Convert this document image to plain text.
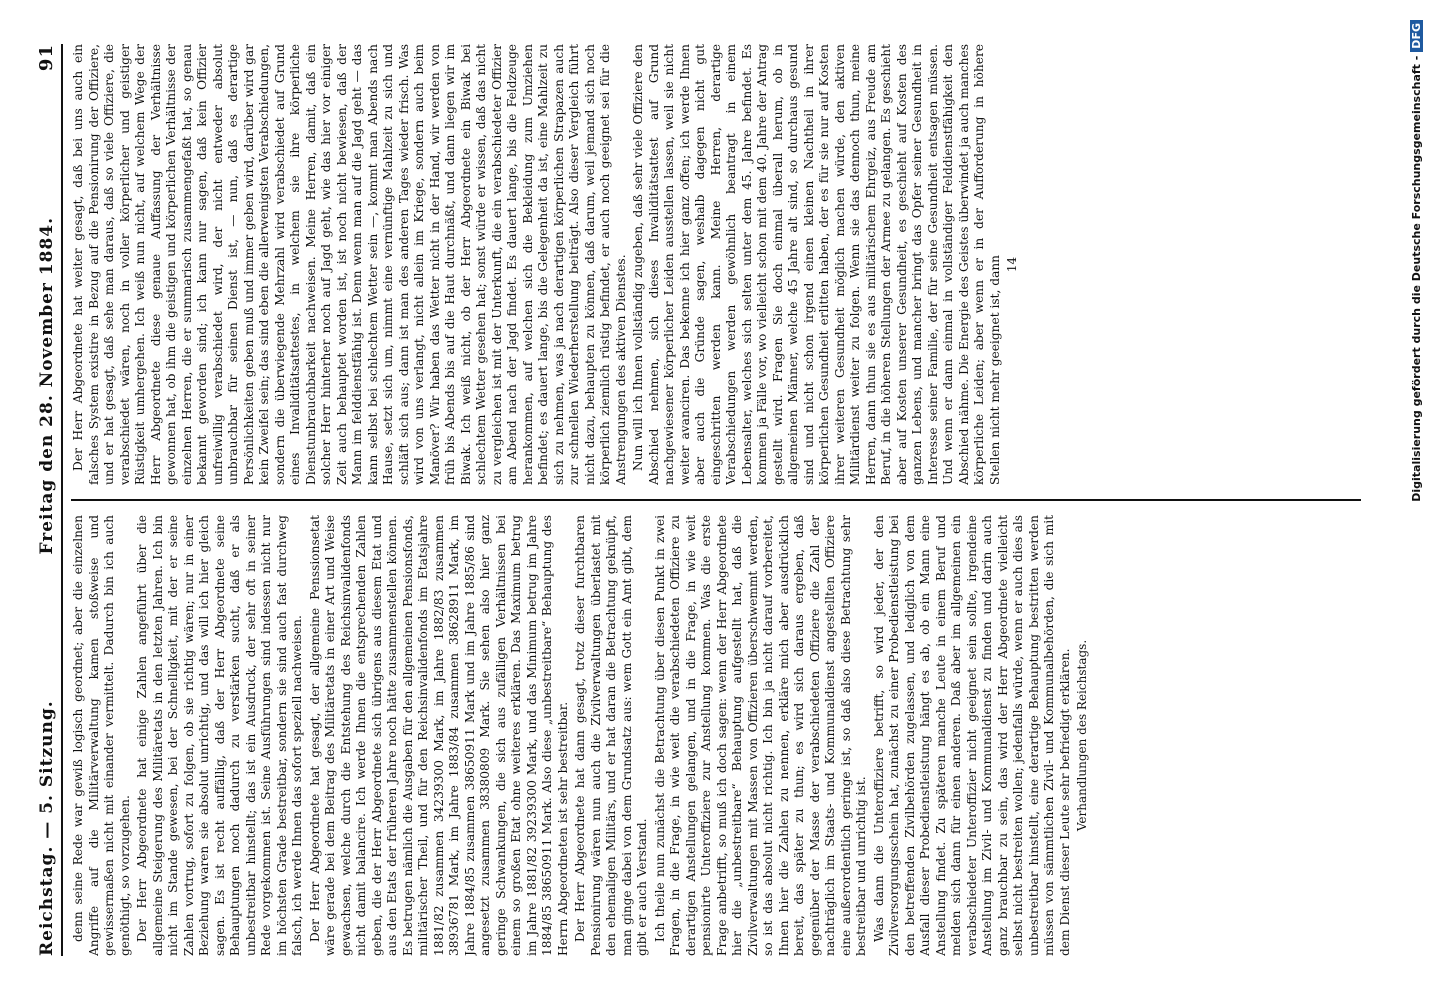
Reichstag. — 5. Sitzung.
Freitag den 28. November 1884.
91

denn seine Rede war gewiß logisch geordnet; aber die einzelnen Angriffe auf die Militärverwaltung kamen stoßweise und gewissermaßen nicht mit einander vermittelt. Dadurch bin ich auch genöthigt, so vorzugehen. Der Herr Abgeordnete hat einige Zahlen angeführt über die allgemeine Steigerung des Militäretats in den letzten Jahren. Ich bin nicht im Stande gewesen, bei der Schnelligkeit, mit der er seine Zahlen vortrug, sofort zu folgen, ob sie richtig wären; nur in einer Beziehung waren sie absolut unrichtig, und das will ich hier gleich sagen. Es ist recht auffällig, daß der Herr Abgeordnete seine Behauptungen noch dadurch zu verstärken sucht, daß er als unbestreitbar hinstellt; das ist ein Ausdruck, der sehr oft in seiner Rede vorgekommen ist. Seine Ausführungen sind indessen nicht nur im höchsten Grade bestreitbar, sondern sie sind auch fast durchweg falsch, ich werde Ihnen das sofort speziell nachweisen. Der Herr Abgeordnete hat gesagt, der allgemeine Penssionsetat wäre gerade bei dem Beitrag des Militäretats in einer Art und Weise gewachsen, welche durch die Entstehung des Reichsinvalidenfonds nicht damit balancire. Ich werde Ihnen die entsprechenden Zahlen geben, die der Herr Abgeordnete sich übrigens aus diesem Etat und aus den Etats der früheren Jahre noch hätte zusammenstellen können. Es betrugen nämlich die Ausgaben für den allgemeinen Pensionsfonds, militärischer Theil, und für den Reichsinvalidenfonds im Etatsjahre 1881/82 zusammen 34239300 Mark, im Jahre 1882/83 zusammen 38936781 Mark, im Jahre 1883/84 zusammen 38628911 Mark, im Jahre 1884/85 zusammen 38650911 Mark und im Jahre 1885/86 sind angesetzt zusammen 38380809 Mark. Sie sehen also hier ganz geringe Schwankungen, die sich aus zufälligen Verhältnissen bei einem so großen Etat ohne weiteres erklären. Das Maximum betrug im Jahre 1881/82 39239300 Mark, und das Minimum betrug im Jahre 1884/85 38650911 Mark. Also diese „unbestreitbare“ Behauptung des Herrn Abgeordneten ist sehr bestreitbar. Der Herr Abgeordnete hat dann gesagt, trotz dieser furchtbaren Pensionirung wären nun auch die Zivilverwaltungen überlastet mit den ehemaligen Militärs, und er hat daran die Betrachtung geknüpft, man ginge dabei von dem Grundsatz aus: wem Gott ein Amt gibt, dem gibt er auch Verstand. Ich theile nun zunächst die Betrachtung über diesen Punkt in zwei Fragen, in die Frage, in wie weit die verabschiedeten Offiziere zu derartigen Anstellungen gelangen, und in die Frage, in wie weit pensionirte Unteroffiziere zur Anstellung kommen. Was die erste Frage anbetrifft, so muß ich doch sagen: wenn der Herr Abgeordnete hier die „unbestreitbare“ Behauptung aufgestellt hat, daß die Zivilverwaltungen mit Massen von Offizieren überschwemmt werden, so ist das absolut nicht richtig. Ich bin ja nicht darauf vorbereitet, Ihnen hier die Zahlen zu nennen, erkläre mich aber ausdrücklich bereit, das später zu thun; es wird sich daraus ergeben, daß gegenüber der Masse der verabschiedeten Offiziere die Zahl der nachträglich im Staats- und Kommunaldienst angestellten Offiziere eine außerordentlich geringe ist, so daß also diese Betrachtung sehr bestreitbar und unrichtig ist. Was dann die Unteroffiziere betrifft, so wird jeder, der den Zivilversorgungsschein hat, zunächst zu einer Probedienstleistung bei den betreffenden Zivilbehörden zugelassen, und lediglich von dem Ausfall dieser Probedienstleistung hängt es ab, ob ein Mann eine Anstellung findet. Zu späteren manche Leute in einem Beruf und melden sich dann für einen anderen. Daß aber im allgemeinen ein verabschiedeter Unteroffizier nicht geeignet sein sollte, irgendeine Anstellung im Zivil- und Kommunaldienst zu finden und darin auch ganz brauchbar zu sein, das wird der Herr Abgeordnete vielleicht selbst nicht bestreiten wollen; jedenfalls würde, wenn er auch dies als unbestreitbar hinstellt, eine derartige Behauptung bestritten werden müssen von sämmtlichen Zivil- und Kommunalbehörden, die sich mit dem Dienst dieser Leute sehr befriedigt erklären. Verhandlungen des Reichstags.

Der Herr Abgeordnete hat weiter gesagt, daß bei uns auch ein falsches System existire in Bezug auf die Pensionirung der Offiziere, und er hat gesagt, daß sehe man daraus, daß so viele Offiziere, die verabschiedet wären, noch in voller körperlicher und geistiger Rüstigkeit umhergehen. Ich weiß nun nicht, auf welchem Wege der Herr Abgeordnete diese genaue Auffassung der Verhältnisse gewonnen hat, ob ihm die geistigen und körperlichen Verhältnisse der einzelnen Herren, die er summarisch zusammengefaßt hat, so genau bekannt geworden sind; ich kann nur sagen, daß kein Offizier unfreiwillig verabschiedet wird, der nicht entweder absolut unbrauchbar für seinen Dienst ist, — nun, daß es derartige Persönlichkeiten geben muß und immer geben wird, darüber wird gar kein Zweifel sein; das sind eben die allerwenigsten Verabschiedungen, sondern die überwiegende Mehrzahl wird verabschiedet auf Grund eines Invaliditätsattestes, in welchem sie ihre körperliche Dienstunbrauchbarkeit nachweisen. Meine Herren, damit, daß ein solcher Herr hinterher noch auf Jagd geht, wie das hier vor einiger Zeit auch behauptet worden ist, ist noch nicht bewiesen, daß der Mann im felddienstfähig ist. Denn wenn man auf die Jagd geht — das kann selbst bei schlechtem Wetter sein —, kommt man Abends nach Hause, setzt sich um, nimmt eine vernünftige Mahlzeit zu sich und schläft sich aus; dann ist man des anderen Tages wieder frisch. Was wird von uns verlangt, nicht allein im Kriege, sondern auch beim Manöver? Wir haben das Wetter nicht in der Hand, wir werden von früh bis Abends bis auf die Haut durchnäßt, und dann liegen wir im Biwak. Ich weiß nicht, ob der Herr Abgeordnete ein Biwak bei schlechtem Wetter gesehen hat; sonst würde er wissen, daß das nicht zu vergleichen ist mit der Unterkunft, die ein verabschiedeter Offizier am Abend nach der Jagd findet. Es dauert lange, bis die Feldzeuge herankommen, auf welchen sich die Bekleidung zum Umziehen befindet; es dauert lange, bis die Gelegenheit da ist, eine Mahlzeit zu sich zu nehmen, was ja nach derartigen körperlichen Strapazen auch zur schnellen Wiederherstellung beiträgt. Also dieser Vergleich führt nicht dazu, behaupten zu können, daß darum, weil jemand sich noch körperlich ziemlich rüstig befindet, er auch noch geeignet sei für die Anstrengungen des aktiven Dienstes. Nun will ich Ihnen vollständig zugeben, daß sehr viele Offiziere den Abschied nehmen, sich dieses Invaliditätsattest auf Grund nachgewiesener körperlicher Leiden ausstellen lassen, weil sie nicht weiter avanciren. Das bekenne ich hier ganz offen; ich werde Ihnen aber auch die Gründe sagen, weshalb dagegen nicht gut eingeschritten werden kann. Meine Herren, derartige Verabschiedungen werden gewöhnlich beantragt in einem Lebensalter, welches sich selten unter dem 45. Jahre befindet. Es kommen ja Fälle vor, wo vielleicht schon mit dem 40. Jahre der Antrag gestellt wird. Fragen Sie doch einmal überall herum, ob in allgemeinen Männer, welche 45 Jahre alt sind, so durchaus gesund sind und nicht schon irgend einen kleinen Nachtheil in ihrer körperlichen Gesundheit erlitten haben, der es für sie nur auf Kosten ihrer weiteren Gesundheit möglich machen würde, den aktiven Militärdienst weiter zu folgen. Wenn sie das dennoch thun, meine Herren, dann thun sie es aus militärischem Ehrgeiz, aus Freude am Beruf, in die höheren Stellungen der Armee zu gelangen. Es geschieht aber auf Kosten unserer Gesundheit, es geschieht auf Kosten des ganzen Lebens, und mancher bringt das Opfer seiner Gesundheit in Interesse seiner Familie, der für seine Gesundheit entsagen müssen. Und wenn er dann einmal in vollständiger Felddienstfähigkeit den Abschied nähme. Die Energie des Geistes überwindet ja auch manches körperliche Leiden; aber wenn er in der Aufforderung in höhere Stellen nicht mehr geeignet ist, dann 14	Digitalisierung gefördert durch die Deutsche Forschungsgemeinschaft -
DFG
